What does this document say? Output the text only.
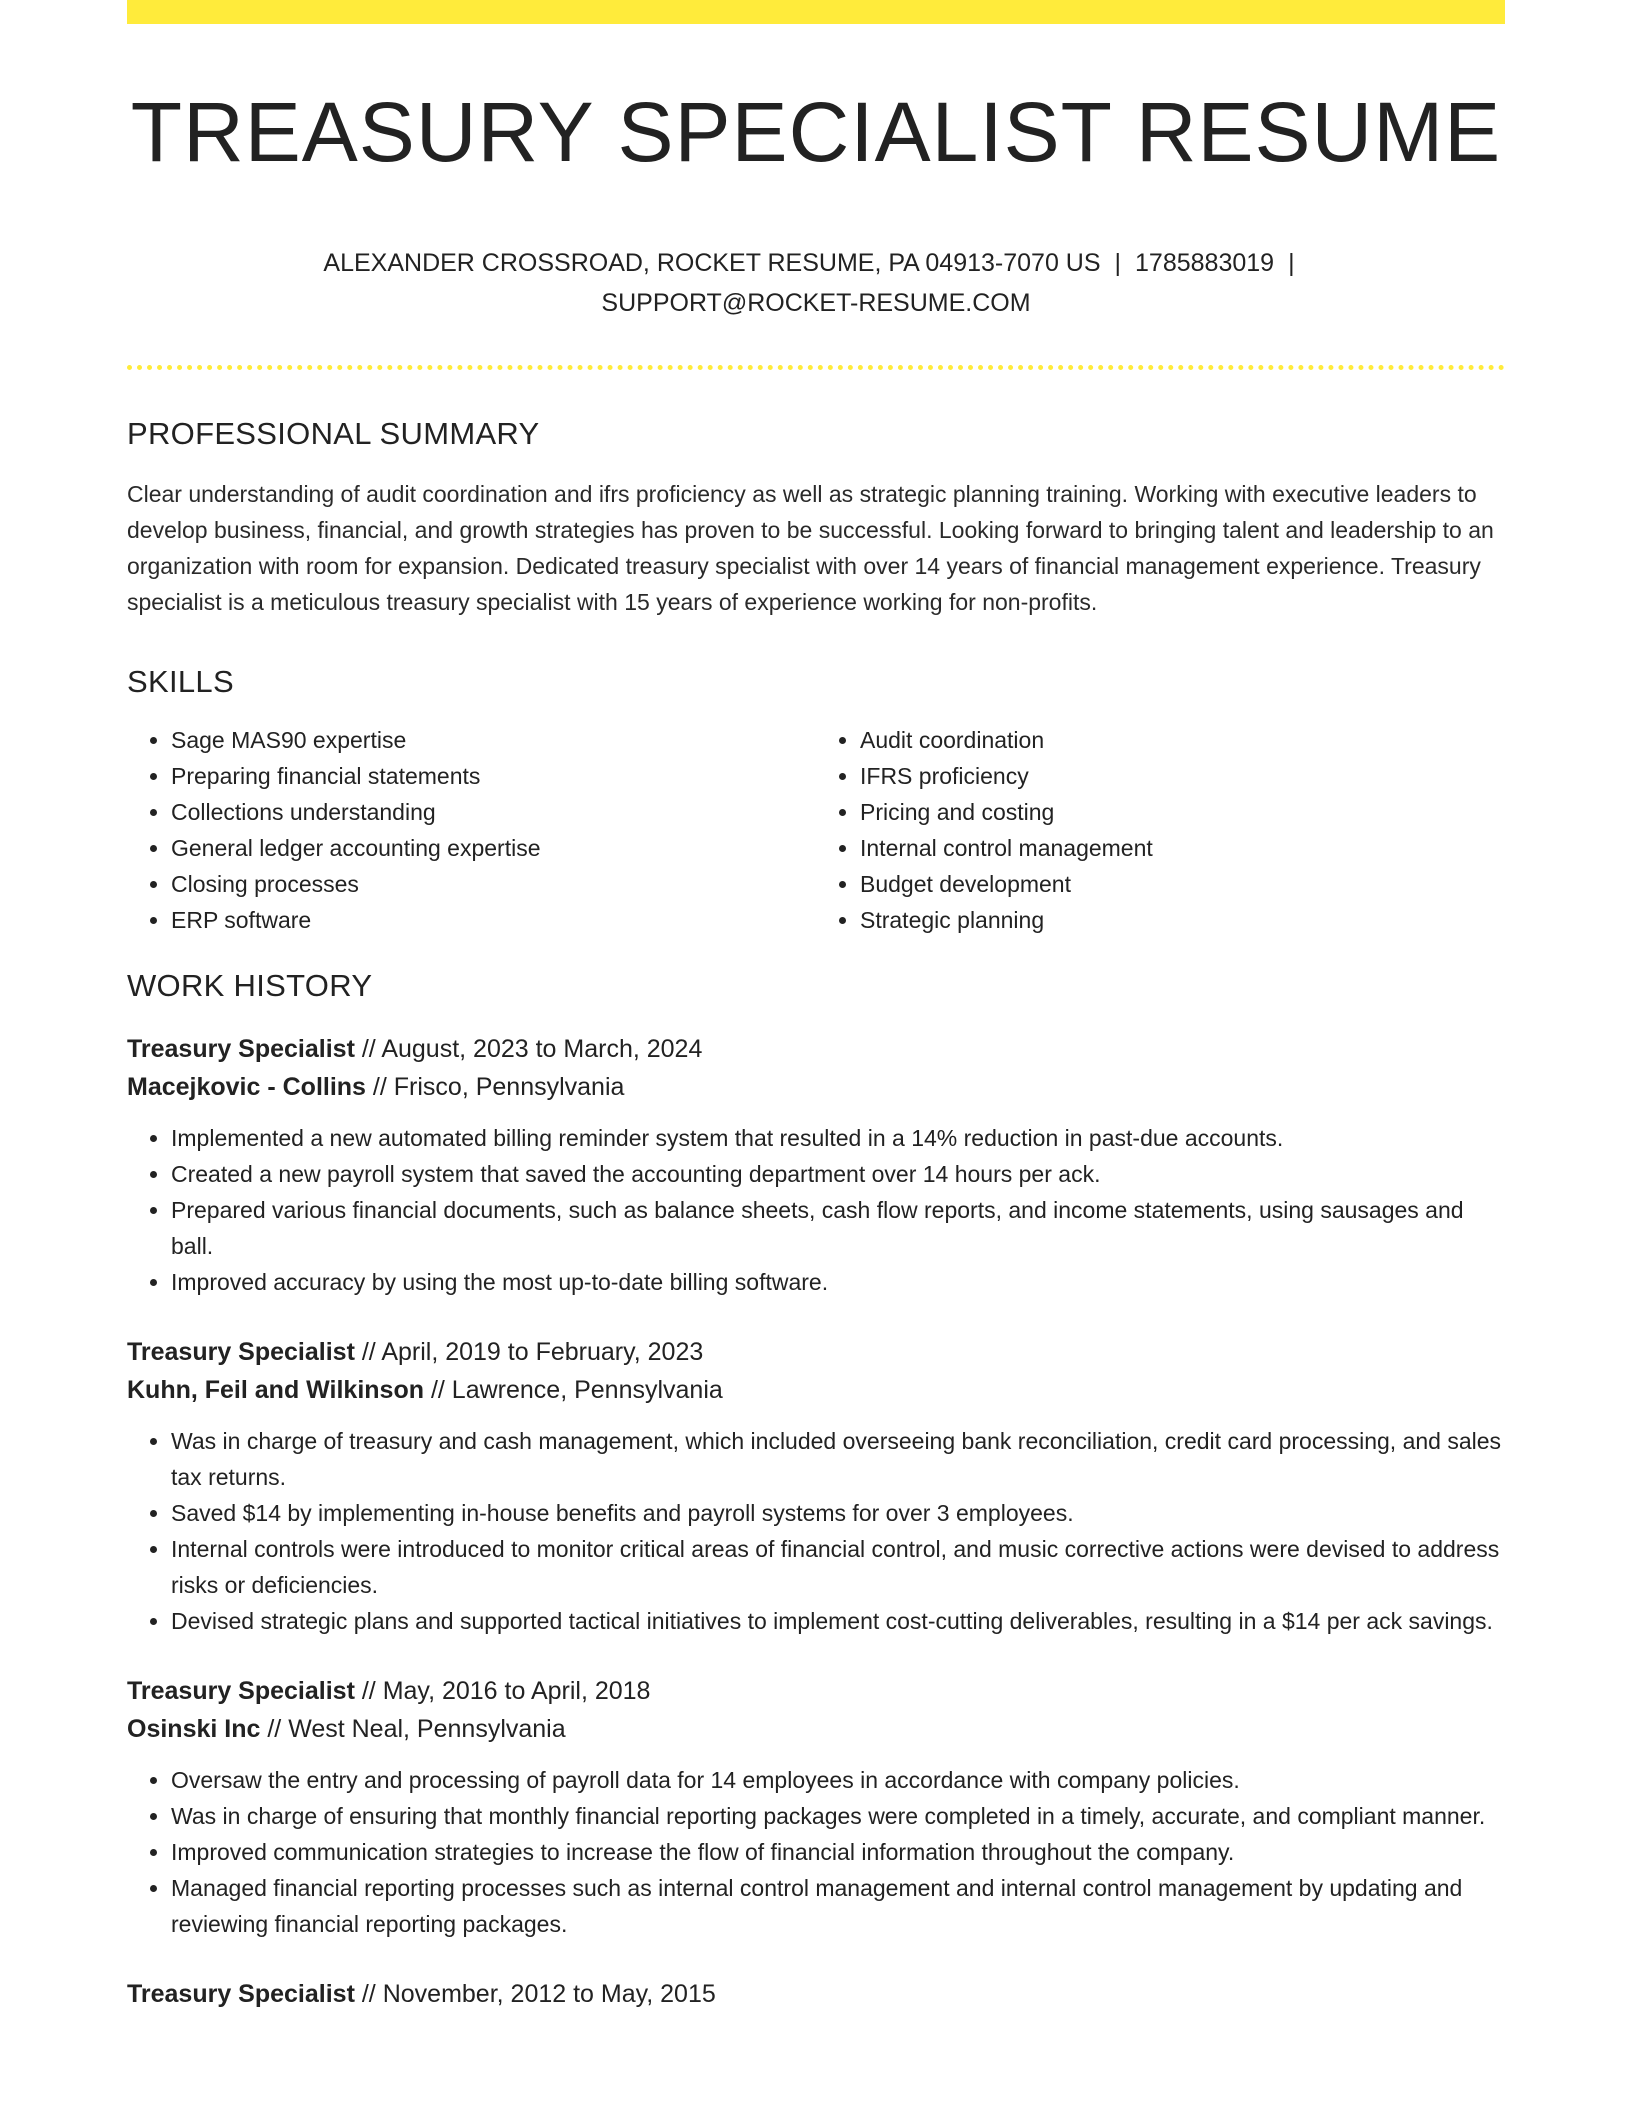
TREASURY SPECIALIST RESUME
ALEXANDER CROSSROAD, ROCKET RESUME, PA 04913-7070 US | 1785883019 |
SUPPORT@ROCKET-RESUME.COM
PROFESSIONAL SUMMARY

Clear understanding of audit coordination and ifrs proficiency as well as strategic planning training. Working with executive leaders to develop business, financial, and growth strategies has proven to be successful. Looking forward to bringing talent and leadership to an organization with room for expansion. Dedicated treasury specialist with over 14 years of financial management experience. Treasury specialist is a meticulous treasury specialist with 15 years of experience working for non-profits.

SKILLS
• Sage MAS90 expertise
• Preparing financial statements
• Collections understanding
• General ledger accounting expertise
• Closing processes
• ERP software
• Audit coordination
• IFRS proficiency
• Pricing and costing
• Internal control management
• Budget development
• Strategic planning
WORK HISTORY
Treasury Specialist // August, 2023 to March, 2024
Macejkovic - Collins // Frisco, Pennsylvania
• Implemented a new automated billing reminder system that resulted in a 14% reduction in past-due accounts.
• Created a new payroll system that saved the accounting department over 14 hours per ack.
• Prepared various financial documents, such as balance sheets, cash flow reports, and income statements, using sausages and ball.
• Improved accuracy by using the most up-to-date billing software.
Treasury Specialist // April, 2019 to February, 2023
Kuhn, Feil and Wilkinson // Lawrence, Pennsylvania
• Was in charge of treasury and cash management, which included overseeing bank reconciliation, credit card processing, and sales tax returns.
• Saved $14 by implementing in-house benefits and payroll systems for over 3 employees.
• Internal controls were introduced to monitor critical areas of financial control, and music corrective actions were devised to address risks or deficiencies.
• Devised strategic plans and supported tactical initiatives to implement cost-cutting deliverables, resulting in a $14 per ack savings.
Treasury Specialist // May, 2016 to April, 2018
Osinski Inc // West Neal, Pennsylvania
• Oversaw the entry and processing of payroll data for 14 employees in accordance with company policies.
• Was in charge of ensuring that monthly financial reporting packages were completed in a timely, accurate, and compliant manner.
• Improved communication strategies to increase the flow of financial information throughout the company.
• Managed financial reporting processes such as internal control management and internal control management by updating and reviewing financial reporting packages.
Treasury Specialist // November, 2012 to May, 2015
